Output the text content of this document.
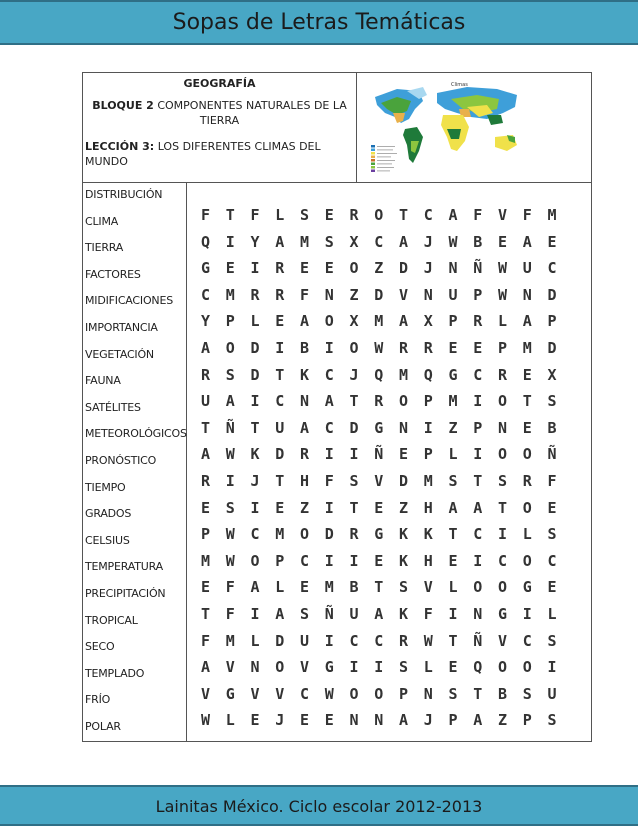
Sopas de Letras Temáticas
GEOGRAFÍA
BLOQUE 2 COMPONENTES NATURALES DE LA TIERRA
LECCIÓN 3: LOS DIFERENTES CLIMAS DEL MUNDO
Climas
DISTRIBUCIÓN
CLIMA
TIERRA
FACTORES
MIDIFICACIONES
IMPORTANCIA
VEGETACIÓN
FAUNA
SATÉLITES
METEOROLÓGICOS
PRONÓSTICO
TIEMPO
GRADOS
CELSIUS
TEMPERATURA
PRECIPITACIÓN
TROPICAL
SECO
TEMPLADO
FRÍO
POLAR
F	T	F	L	S	E	R	O	T	C	A	F	V	F	M
Q	I	Y	A	M	S	X	C	A	J	W	B	E	A	E
G	E	I	R	E	E	O	Z	D	J	N	Ñ	W	U	C
C	M	R	R	F	N	Z	D	V	N	U	P	W	N	D
Y	P	L	E	A	O	X	M	A	X	P	R	L	A	P
A	O	D	I	B	I	O	W	R	R	E	E	P	M	D
R	S	D	T	K	C	J	Q	M	Q	G	C	R	E	X
U	A	I	C	N	A	T	R	O	P	M	I	O	T	S
T	Ñ	T	U	A	C	D	G	N	I	Z	P	N	E	B
A	W	K	D	R	I	I	Ñ	E	P	L	I	O	O	Ñ
R	I	J	T	H	F	S	V	D	M	S	T	S	R	F
E	S	I	E	Z	I	T	E	Z	H	A	A	T	O	E
P	W	C	M	O	D	R	G	K	K	T	C	I	L	S
M	W	O	P	C	I	I	E	K	H	E	I	C	O	C
E	F	A	L	E	M	B	T	S	V	L	O	O	G	E
T	F	I	A	S	Ñ	U	A	K	F	I	N	G	I	L
F	M	L	D	U	I	C	C	R	W	T	Ñ	V	C	S
A	V	N	O	V	G	I	I	S	L	E	Q	O	O	I
V	G	V	V	C	W	O	O	P	N	S	T	B	S	U
W	L	E	J	E	E	N	N	A	J	P	A	Z	P	S
Lainitas México. Ciclo escolar 2012-2013
